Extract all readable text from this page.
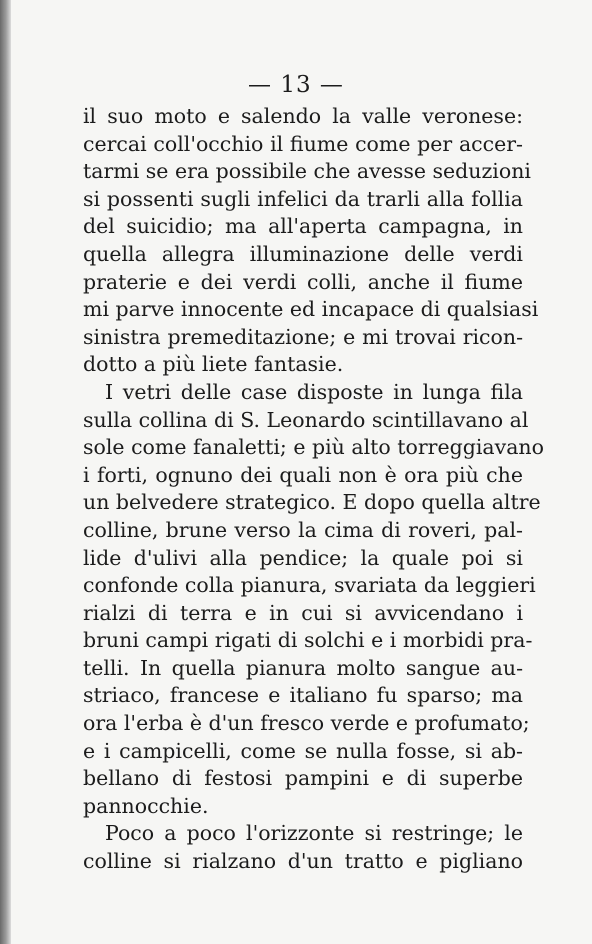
— 13 —
il suo moto e salendo la valle veronese:
cercai coll'occhio il fiume come per accer-
tarmi se era possibile che avesse seduzioni
si possenti sugli infelici da trarli alla follia
del suicidio; ma all'aperta campagna, in
quella allegra illuminazione delle verdi
praterie e dei verdi colli, anche il fiume
mi parve innocente ed incapace di qualsiasi
sinistra premeditazione; e mi trovai ricon-
dotto a più liete fantasie.
I vetri delle case disposte in lunga fila
sulla collina di S. Leonardo scintillavano al
sole come fanaletti; e più alto torreggiavano
i forti, ognuno dei quali non è ora più che
un belvedere strategico. E dopo quella altre
colline, brune verso la cima di roveri, pal-
lide d'ulivi alla pendice; la quale poi si
confonde colla pianura, svariata da leggieri
rialzi di terra e in cui si avvicendano i
bruni campi rigati di solchi e i morbidi pra-
telli. In quella pianura molto sangue au-
striaco, francese e italiano fu sparso; ma
ora l'erba è d'un fresco verde e profumato;
e i campicelli, come se nulla fosse, si ab-
bellano di festosi pampini e di superbe
pannocchie.
Poco a poco l'orizzonte si restringe; le
colline si rialzano d'un tratto e pigliano
